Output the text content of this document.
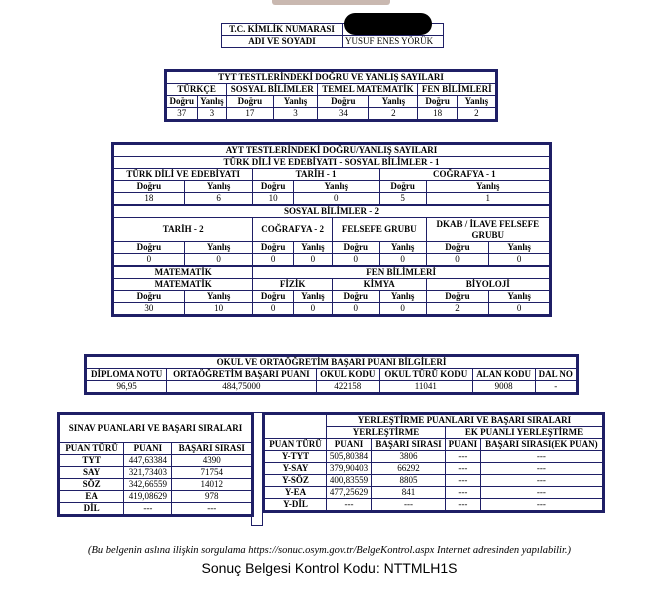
T.C. KİMLİK NUMARASI	
ADI VE SOYADI	YUSUF ENES YÖRÜK
TYT TESTLERİNDEKİ DOĞRU VE YANLIŞ SAYILARI							
TÜRKÇE		SOSYAL BİLİMLER		TEMEL MATEMATİK		FEN BİLİMLERİ	
Doğru	Yanlış	Doğru	Yanlış	Doğru	Yanlış	Doğru	Yanlış
37	3	17	3	34	2	18	2
AYT TESTLERİNDEKİ DOĞRU/YANLIŞ SAYILARI							
TÜRK DİLİ VE EDEBİYATI - SOSYAL BİLİMLER - 1							
TÜRK DİLİ VE EDEBİYATI		TARİH - 1			COĞRAFYA - 1		
Doğru	Yanlış	Doğru	Yanlış		Doğru	Yanlış	
18	6	10	0		5	1	
SOSYAL BİLİMLER - 2							
TARİH - 2		COĞRAFYA - 2		FELSEFE GRUBU		DKAB / İLAVE FELSEFE GRUBU	
Doğru	Yanlış	Doğru	Yanlış	Doğru	Yanlış	Doğru	Yanlış
0	0	0	0	0	0	0	0
MATEMATİK		FEN BİLİMLERİ					
MATEMATİK		FİZİK		KİMYA		BİYOLOJİ	
Doğru	Yanlış	Doğru	Yanlış	Doğru	Yanlış	Doğru	Yanlış
30	10	0	0	0	0	2	0
OKUL VE ORTAÖĞRETİM BAŞARI PUANI BİLGİLERİ					
DİPLOMA NOTU	ORTAÖĞRETİM BAŞARI PUANI	OKUL KODU	OKUL TÜRÜ KODU	ALAN KODU	DAL NO
96,95	484,75000	422158	11041	9008	-
SINAV PUANLARI VE BAŞARI SIRALARI		
PUAN TÜRÜ	PUANI	BAŞARI SIRASI
TYT	447,63384	4390
SAY	321,73403	71754
SÖZ	342,66559	14012
EA	419,08629	978
DİL	---	---
	YERLEŞTİRME PUANLARI VE BAŞARI SIRALARI			
	YERLEŞTİRME		EK PUANLI YERLEŞTİRME	
PUAN TÜRÜ	PUANI	BAŞARI SIRASI	PUANI	BAŞARI SIRASI(EK PUAN)
Y-TYT	505,80384	3806	---	---
Y-SAY	379,90403	66292	---	---
Y-SÖZ	400,83559	8805	---	---
Y-EA	477,25629	841	---	---
Y-DİL	---	---	---	---
(Bu belgenin aslına ilişkin sorgulama https://sonuc.osym.gov.tr/BelgeKontrol.aspx Internet adresinden yapılabilir.)
Sonuç Belgesi Kontrol Kodu: NTTMLH1S
